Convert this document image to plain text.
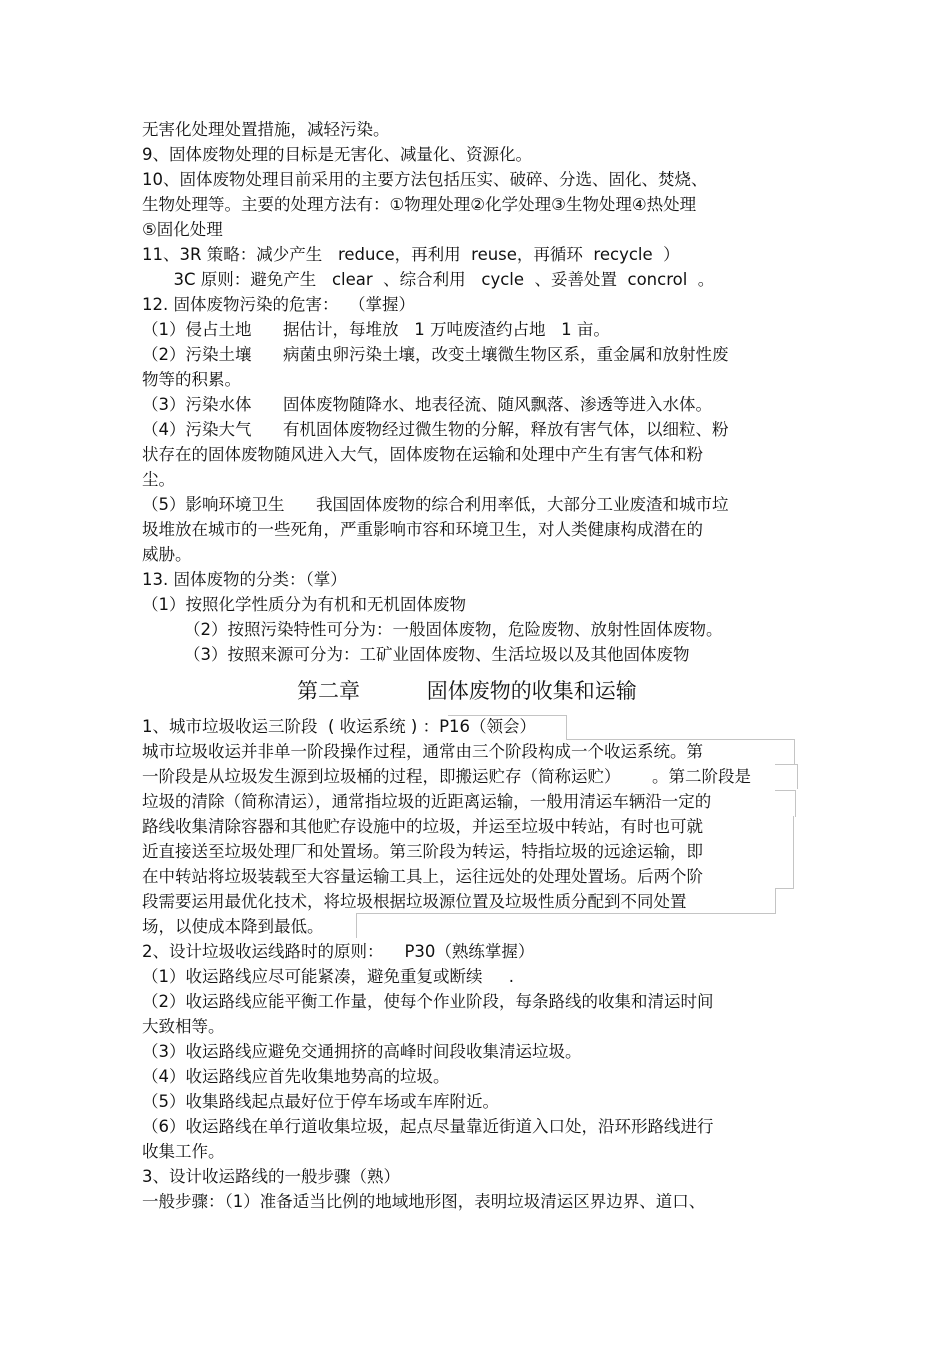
无害化处理处置措施，减轻污染。

9、固体废物处理的目标是无害化、减量化、资源化。

10、固体废物处理目前采用的主要方法包括压实、破碎、分选、固化、焚烧、

生物处理等。主要的处理方法有：①物理处理②化学处理③生物处理④热处理

⑤固化处理

11、3R 策略：减少产生   reduce，再利用  reuse，再循环  recycle  ）

3C 原则：避免产生   clear  、综合利用   cycle  、妥善处置  concrol  。

12. 固体废物污染的危害：  （掌握）

（1）侵占土地      据估计，每堆放   1 万吨废渣约占地   1 亩。

（2）污染土壤      病菌虫卵污染土壤，改变土壤微生物区系，重金属和放射性废

物等的积累。

（3）污染水体      固体废物随降水、地表径流、随风飘落、渗透等进入水体。

（4）污染大气      有机固体废物经过微生物的分解，释放有害气体，以细粒、粉

状存在的固体废物随风进入大气，固体废物在运输和处理中产生有害气体和粉

尘。

（5）影响环境卫生      我国固体废物的综合利用率低，大部分工业废渣和城市垃

圾堆放在城市的一些死角，严重影响市容和环境卫生，对人类健康构成潜在的

威胁。

13. 固体废物的分类：（掌）

（1）按照化学性质分为有机和无机固体废物

（2）按照污染特性可分为：一般固体废物，危险废物、放射性固体废物。

（3）按照来源可分为：工矿业固体废物、生活垃圾以及其他固体废物

第二章          固体废物的收集和运输

1、城市垃圾收运三阶段  ( 收运系统 ) ：P16（领会）

城市垃圾收运并非单一阶段操作过程，通常由三个阶段构成一个收运系统。第

一阶段是从垃圾发生源到垃圾桶的过程，即搬运贮存（简称运贮）      。第二阶段是

垃圾的清除（简称清运），通常指垃圾的近距离运输，一般用清运车辆沿一定的

路线收集清除容器和其他贮存设施中的垃圾，并运至垃圾中转站，有时也可就

近直接送至垃圾处理厂和处置场。第三阶段为转运，特指垃圾的远途运输，即

在中转站将垃圾装载至大容量运输工具上，运往远处的处理处置场。后两个阶

段需要运用最优化技术，将垃圾根据垃圾源位置及垃圾性质分配到不同处置

场，以使成本降到最低。

2、设计垃圾收运线路时的原则：    P30（熟练掌握）

（1）收运路线应尽可能紧凑，避免重复或断续     .

（2）收运路线应能平衡工作量，使每个作业阶段，每条路线的收集和清运时间

大致相等。

（3）收运路线应避免交通拥挤的高峰时间段收集清运垃圾。

（4）收运路线应首先收集地势高的垃圾。

（5）收集路线起点最好位于停车场或车库附近。

（6）收运路线在单行道收集垃圾，起点尽量靠近街道入口处，沿环形路线进行

收集工作。

3、设计收运路线的一般步骤（熟）

一般步骤：（1）准备适当比例的地域地形图，表明垃圾清运区界边界、道口、
